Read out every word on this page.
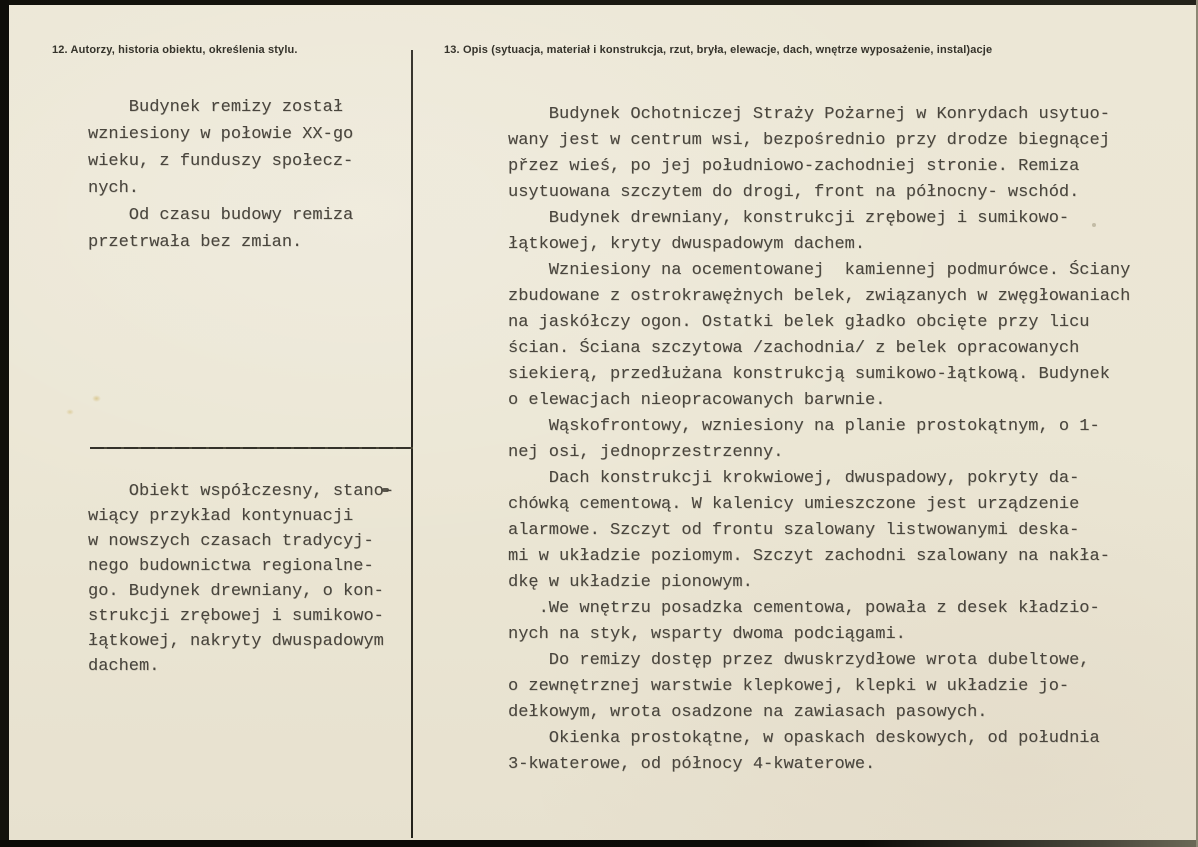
12. Autorzy, historia obiektu, określenia stylu.	13. Opis (sytuacja, materiał i konstrukcja, rzut, bryła, elewacje, dach, wnętrze wyposażenie, instal)acje
Budynek remizy został
wzniesiony w połowie XX-go
wieku, z funduszy społecz-
nych.
Od czasu budowy remiza
przetrwała bez zmian.
Obiekt współczesny, stano-
wiący przykład kontynuacji
w nowszych czasach tradycyj-
nego budownictwa regionalne-
go. Budynek drewniany, o kon-
strukcji zrębowej i sumikowo-
łątkowej, nakryty dwuspadowym
dachem.
Budynek Ochotniczej Straży Pożarnej w Konrydach usytuo-
wany jest w centrum wsi, bezpośrednio przy drodze biegnącej
přzez wieś, po jej południowo-zachodniej stronie. Remiza
usytuowana szczytem do drogi, front na północny- wschód.
Budynek drewniany, konstrukcji zrębowej i sumikowo-
łątkowej, kryty dwuspadowym dachem.
Wzniesiony na ocementowanej  kamiennej podmurówce. Ściany
zbudowane z ostrokrawężnych belek, związanych w zwęgłowaniach
na jaskółczy ogon. Ostatki belek gładko obcięte przy licu
ścian. Ściana szczytowa /zachodnia/ z belek opracowanych
siekierą, przedłużana konstrukcją sumikowo-łątkową. Budynek
o elewacjach nieopracowanych barwnie.
Wąskofrontowy, wzniesiony na planie prostokątnym, o 1-
nej osi, jednoprzestrzenny.
Dach konstrukcji krokwiowej, dwuspadowy, pokryty da-
chówką cementową. W kalenicy umieszczone jest urządzenie
alarmowe. Szczyt od frontu szalowany listwowanymi deska-
mi w układzie poziomym. Szczyt zachodni szalowany na nakła-
dkę w układzie pionowym.
.We wnętrzu posadzka cementowa, powała z desek kładzio-
nych na styk, wsparty dwoma podciągami.
Do remizy dostęp przez dwuskrzydłowe wrota dubeltowe,
o zewnętrznej warstwie klepkowej, klepki w układzie jo-
dełkowym, wrota osadzone na zawiasach pasowych.
Okienka prostokątne, w opaskach deskowych, od południa
3-kwaterowe, od północy 4-kwaterowe.
